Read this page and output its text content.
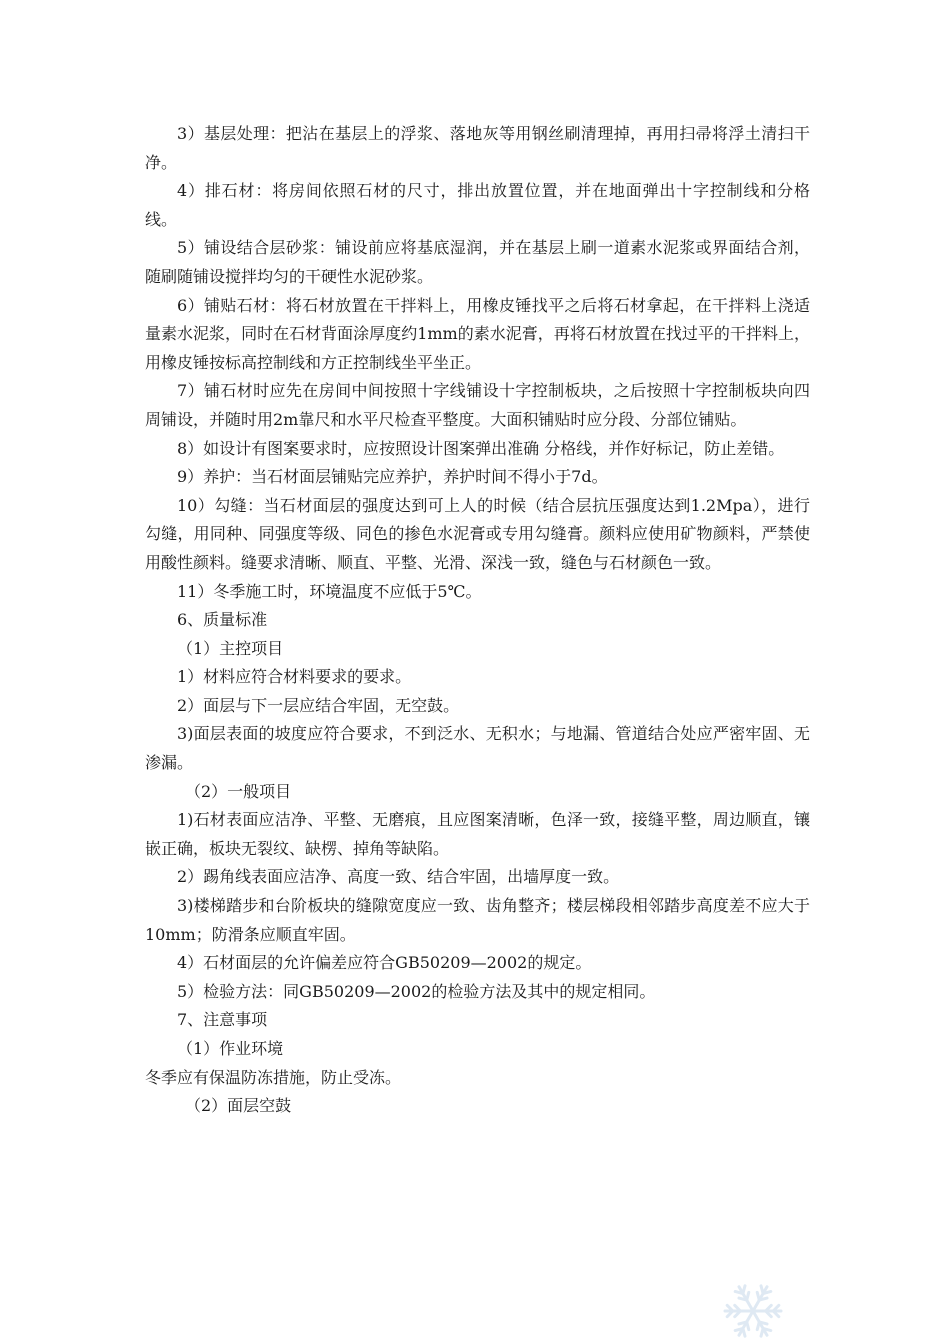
3）基层处理：把沾在基层上的浮浆、落地灰等用钢丝刷清理掉，再用扫帚将浮土清扫干净。

4）排石材：将房间依照石材的尺寸，排出放置位置，并在地面弹出十字控制线和分格线。

5）铺设结合层砂浆：铺设前应将基底湿润，并在基层上刷一道素水泥浆或界面结合剂，随刷随铺设搅拌均匀的干硬性水泥砂浆。

6）铺贴石材：将石材放置在干拌料上，用橡皮锤找平之后将石材拿起，在干拌料上浇适量素水泥浆，同时在石材背面涂厚度约1mm的素水泥膏，再将石材放置在找过平的干拌料上，用橡皮锤按标高控制线和方正控制线坐平坐正。

7）铺石材时应先在房间中间按照十字线铺设十字控制板块，之后按照十字控制板块向四周铺设，并随时用2m靠尺和水平尺检查平整度。大面积铺贴时应分段、分部位铺贴。

8）如设计有图案要求时，应按照设计图案弹出准确 分格线，并作好标记，防止差错。

9）养护：当石材面层铺贴完应养护，养护时间不得小于7d。

10）勾缝：当石材面层的强度达到可上人的时候（结合层抗压强度达到1.2Mpa），进行勾缝，用同种、同强度等级、同色的掺色水泥膏或专用勾缝膏。颜料应使用矿物颜料，严禁使用酸性颜料。缝要求清晰、顺直、平整、光滑、深浅一致，缝色与石材颜色一致。

11）冬季施工时，环境温度不应低于5℃。

6、质量标准

（1）主控项目

1）材料应符合材料要求的要求。

2）面层与下一层应结合牢固，无空鼓。

3)面层表面的坡度应符合要求，不到泛水、无积水；与地漏、管道结合处应严密牢固、无渗漏。

（2）一般项目

1)石材表面应洁净、平整、无磨痕，且应图案清晰，色泽一致，接缝平整，周边顺直，镶嵌正确，板块无裂纹、缺楞、掉角等缺陷。

2）踢角线表面应洁净、高度一致、结合牢固，出墙厚度一致。

3)楼梯踏步和台阶板块的缝隙宽度应一致、齿角整齐；楼层梯段相邻踏步高度差不应大于10mm；防滑条应顺直牢固。

4）石材面层的允许偏差应符合GB50209—2002的规定。

5）检验方法：同GB50209—2002的检验方法及其中的规定相同。

7、注意事项

（1）作业环境

冬季应有保温防冻措施，防止受冻。

（2）面层空鼓
